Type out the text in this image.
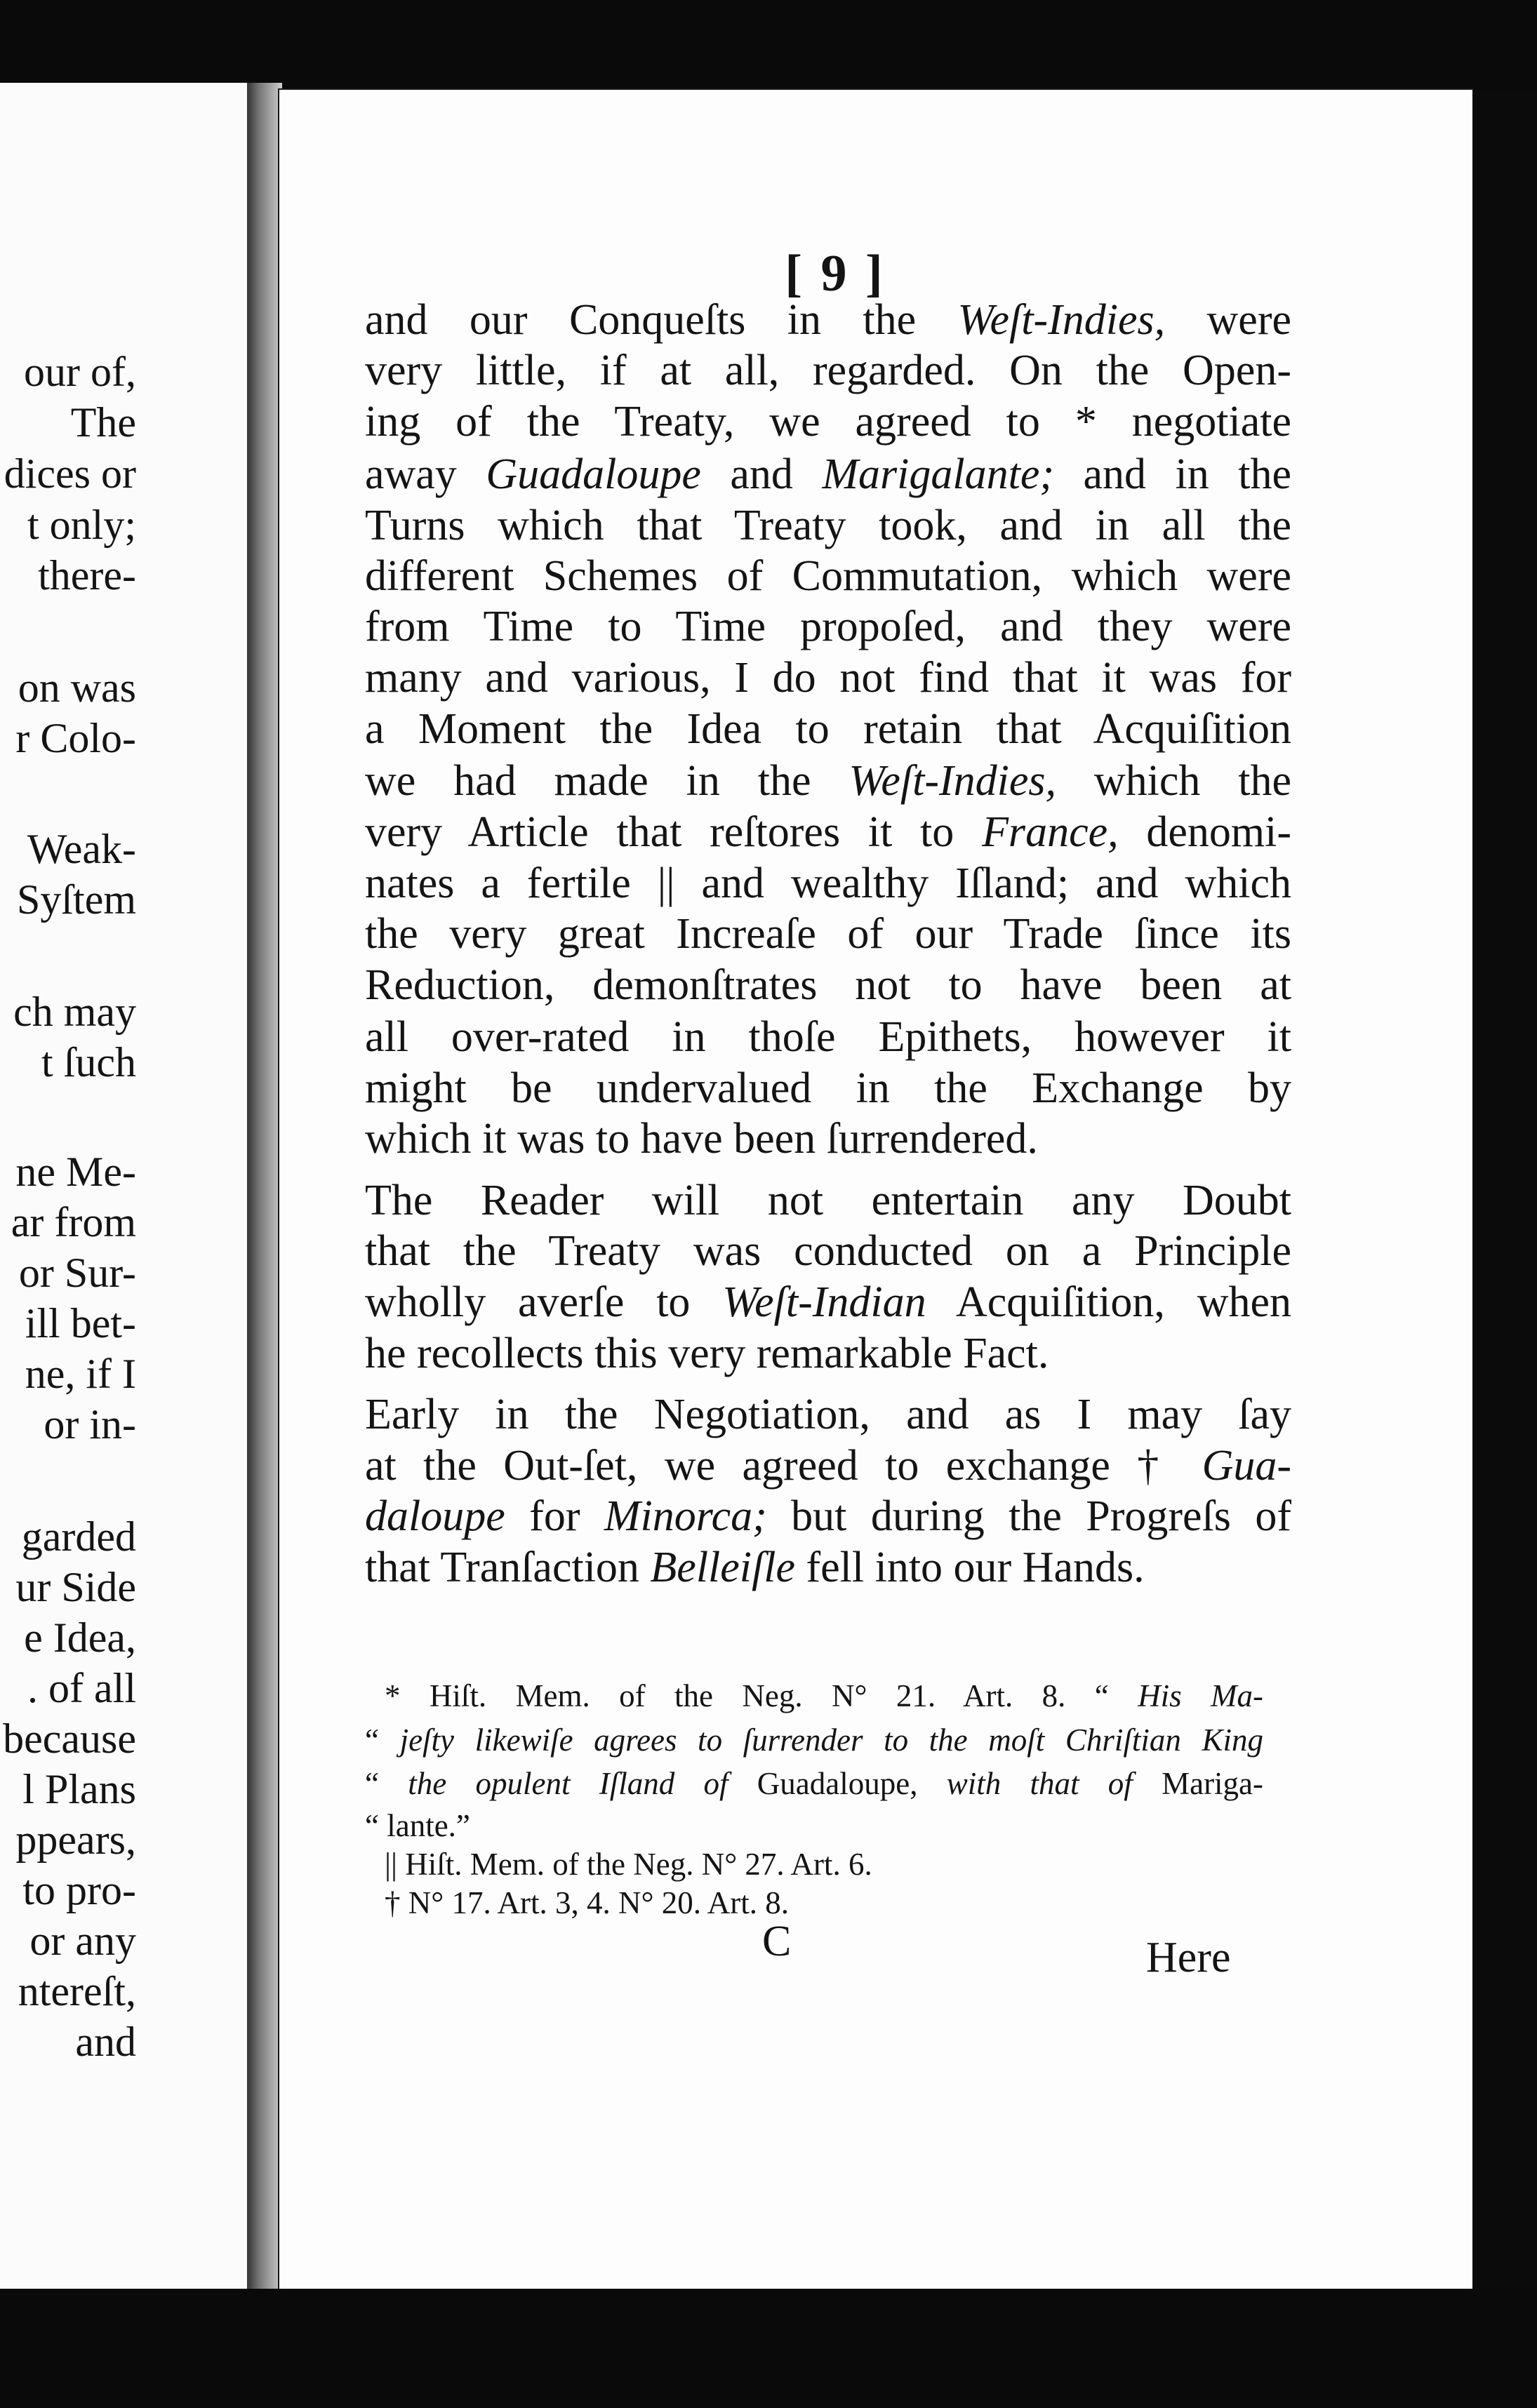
our of,
The
dices or
t only;
there-
on was
r Colo-
Weak-
Syſtem
ch may
t ſuch
ne Me-
ar from
or Sur-
ill bet-
ne, if I
or in-
garded
ur Side
e Idea,
. of all
because
l Plans
ppears,
to pro-
or any
ntereſt,
and
[ 9 ]
and our Conqueſts in the Weſt-Indies, were
very little, if at all, regarded. On the Open-
ing of the Treaty, we agreed to * negotiate
away Guadaloupe and Marigalante; and in the
Turns which that Treaty took, and in all the
different Schemes of Commutation, which were
from Time to Time propoſed, and they were
many and various, I do not find that it was for
a Moment the Idea to retain that Acquiſition
we had made in the Weſt-Indies, which the
very Article that reſtores it to France, denomi-
nates a fertile || and wealthy Iſland; and which
the very great Increaſe of our Trade ſince its
Reduction, demonſtrates not to have been at
all over-rated in thoſe Epithets, however it
might be undervalued in the Exchange by
which it was to have been ſurrendered.
The Reader will not entertain any Doubt
that the Treaty was conducted on a Principle
wholly averſe to Weſt-Indian Acquiſition, when
he recollects this very remarkable Fact.
Early in the Negotiation, and as I may ſay
at the Out-ſet, we agreed to exchange † Gua-
daloupe for Minorca; but during the Progreſs of
that Tranſaction Belleiſle fell into our Hands.
* Hiſt. Mem. of the Neg. N° 21. Art. 8. “ His Ma-
“ jeſty likewiſe agrees to ſurrender to the moſt Chriſtian King
“ the opulent Iſland of Guadaloupe, with that of Mariga-
“ lante.”
|| Hiſt. Mem. of the Neg. N° 27. Art. 6.
† N° 17. Art. 3, 4. N° 20. Art. 8.
C	Here
